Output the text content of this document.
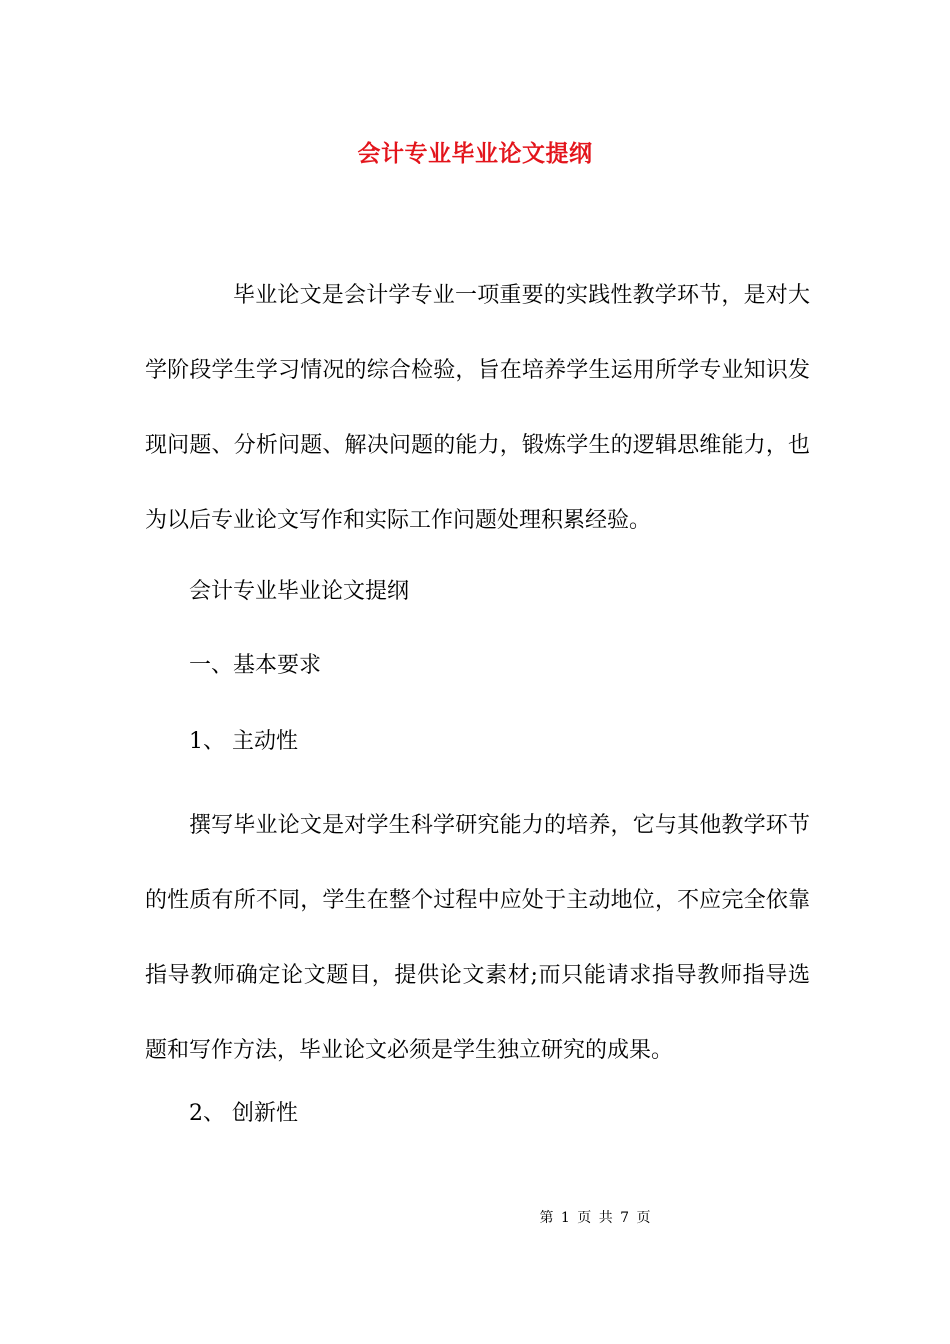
会计专业毕业论文提纲

毕业论文是会计学专业一项重要的实践性教学环节，是对大学阶段学生学习情况的综合检验，旨在培养学生运用所学专业知识发现问题、分析问题、解决问题的能力，锻炼学生的逻辑思维能力，也为以后专业论文写作和实际工作问题处理积累经验。

会计专业毕业论文提纲

一、基本要求

1、 主动性

撰写毕业论文是对学生科学研究能力的培养，它与其他教学环节的性质有所不同，学生在整个过程中应处于主动地位，不应完全依靠指导教师确定论文题目，提供论文素材;而只能请求指导教师指导选题和写作方法，毕业论文必须是学生独立研究的成果。

2、 创新性

第 1 页 共 7 页
